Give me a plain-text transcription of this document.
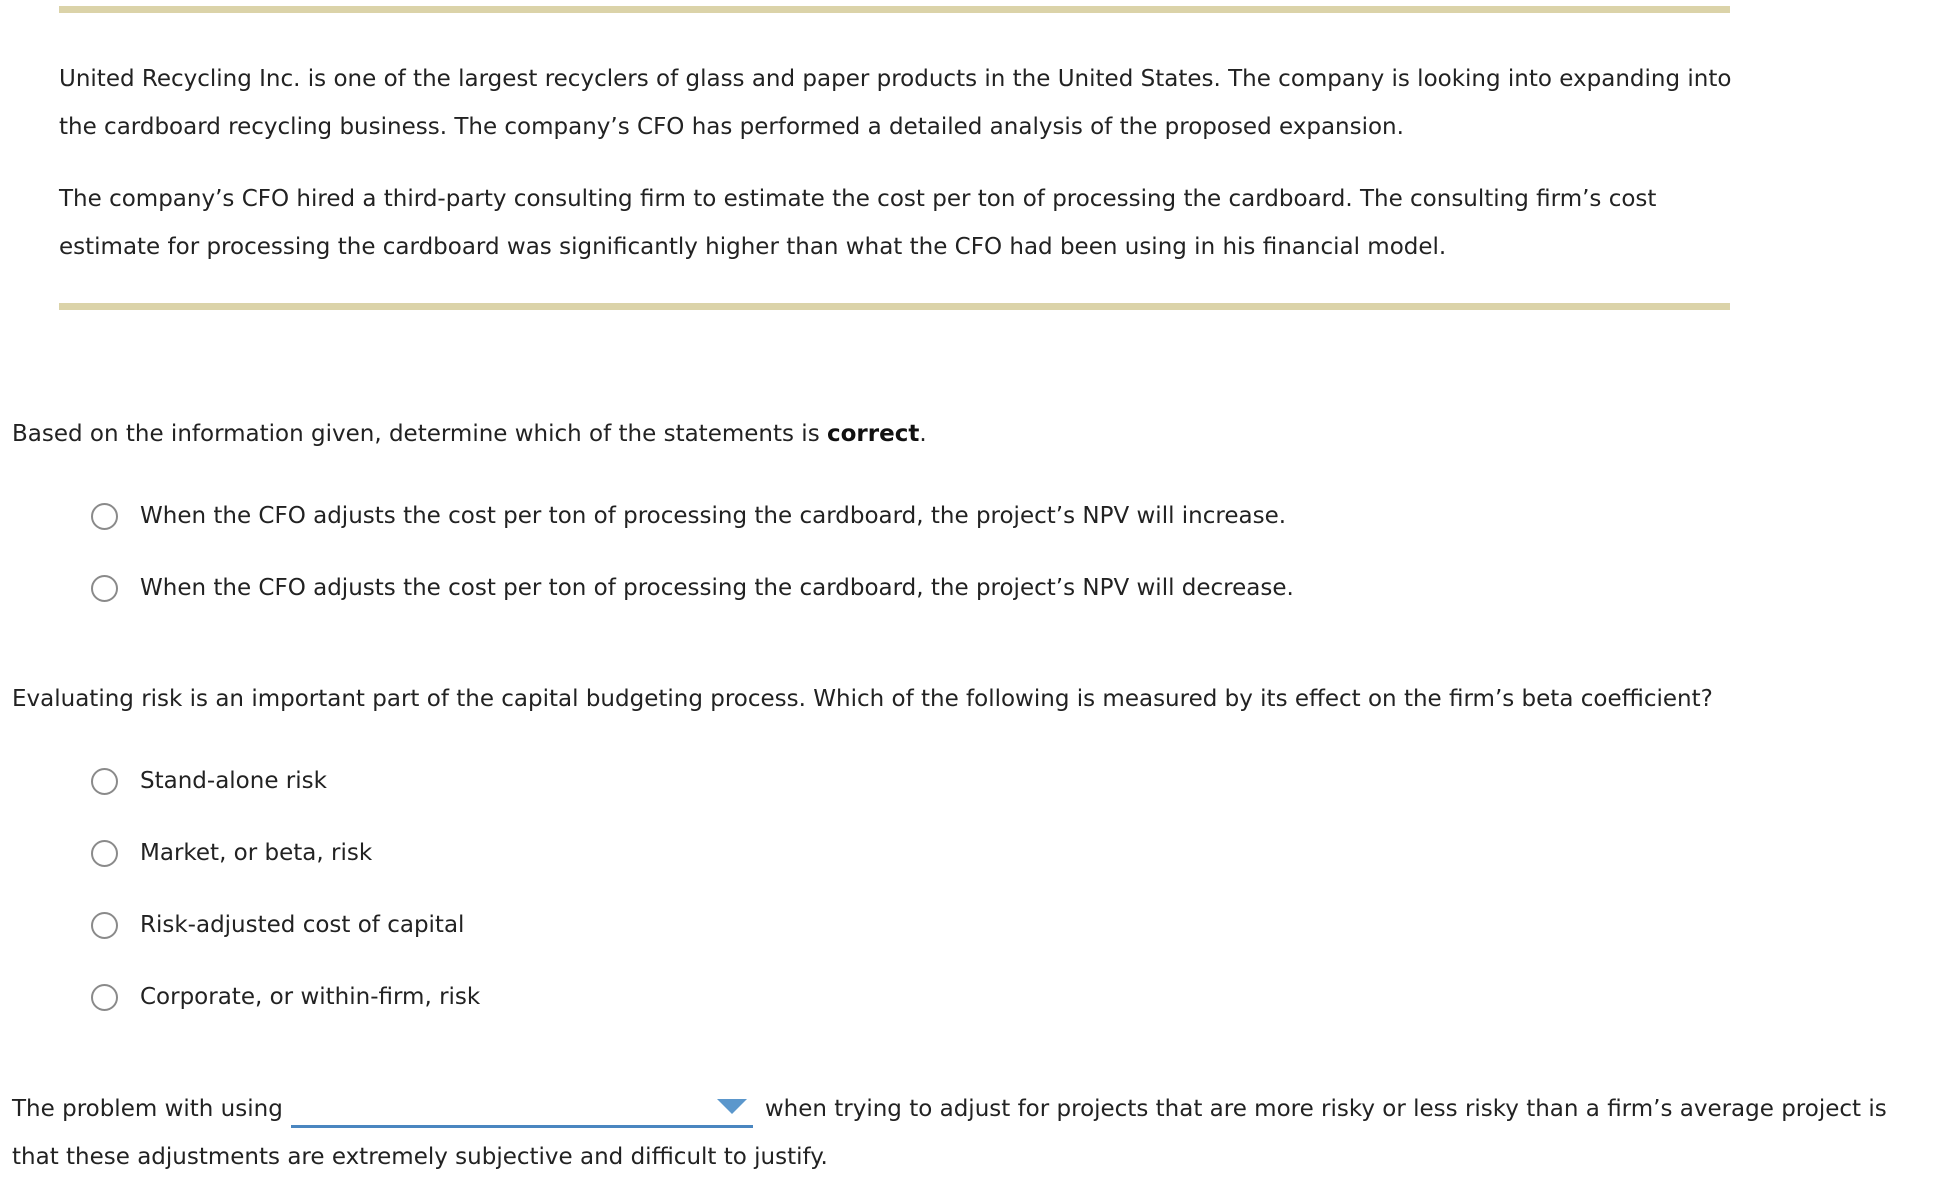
United Recycling Inc. is one of the largest recyclers of glass and paper products in the United States. The company is looking into expanding into the cardboard recycling business. The company’s CFO has performed a detailed analysis of the proposed expansion.

The company’s CFO hired a third-party consulting firm to estimate the cost per ton of processing the cardboard. The consulting firm’s cost estimate for processing the cardboard was significantly higher than what the CFO had been using in his financial model.

Based on the information given, determine which of the statements is correct.

When the CFO adjusts the cost per ton of processing the cardboard, the project’s NPV will increase.
When the CFO adjusts the cost per ton of processing the cardboard, the project’s NPV will decrease.

Evaluating risk is an important part of the capital budgeting process. Which of the following is measured by its effect on the firm’s beta coefficient?

Stand-alone risk
Market, or beta, risk
Risk-adjusted cost of capital
Corporate, or within-firm, risk

The problem with using	when trying to adjust for projects that are more risky or less risky than a firm’s average project is that these adjustments are extremely subjective and difficult to justify.
